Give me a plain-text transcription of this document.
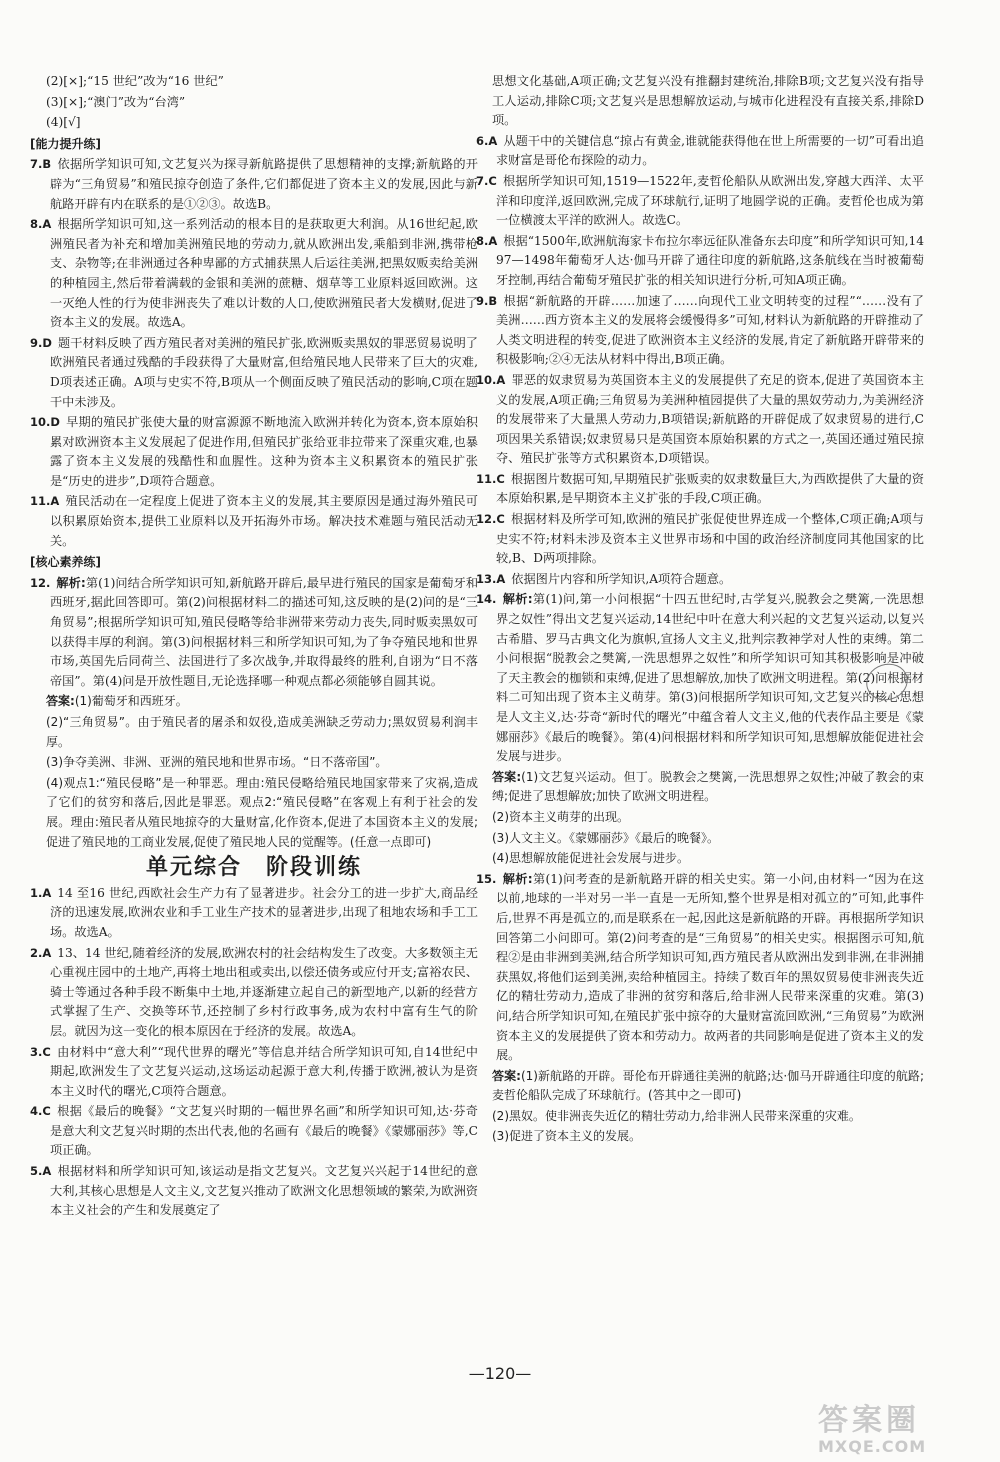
(2)[×];“15 世纪”改为“16 世纪”
(3)[×];“澳门”改为“台湾”
(4)[√]
[能力提升练]
7.B 依据所学知识可知,文艺复兴为探寻新航路提供了思想精神的支撑;新航路的开辟为“三角贸易”和殖民掠夺创造了条件,它们都促进了资本主义的发展,因此与新航路开辟有内在联系的是①②③。故选B。
8.A 根据所学知识可知,这一系列活动的根本目的是获取更大利润。从16世纪起,欧洲殖民者为补充和增加美洲殖民地的劳动力,就从欧洲出发,乘船到非洲,携带枪支、杂物等;在非洲通过各种卑鄙的方式捕获黑人后运往美洲,把黑奴贩卖给美洲的种植园主,然后带着满载的金银和美洲的蔗糖、烟草等工业原料返回欧洲。这一灭绝人性的行为使非洲丧失了难以计数的人口,使欧洲殖民者大发横财,促进了资本主义的发展。故选A。
9.D 题干材料反映了西方殖民者对美洲的殖民扩张,欧洲贩卖黑奴的罪恶贸易说明了欧洲殖民者通过残酷的手段获得了大量财富,但给殖民地人民带来了巨大的灾难,D项表述正确。A项与史实不符,B项从一个侧面反映了殖民活动的影响,C项在题干中未涉及。
10.D 早期的殖民扩张使大量的财富源源不断地流入欧洲并转化为资本,资本原始积累对欧洲资本主义发展起了促进作用,但殖民扩张给亚非拉带来了深重灾难,也暴露了资本主义发展的残酷性和血腥性。这种为资本主义积累资本的殖民扩张是“历史的进步”,D项符合题意。
11.A 殖民活动在一定程度上促进了资本主义的发展,其主要原因是通过海外殖民可以积累原始资本,提供工业原料以及开拓海外市场。解决技术难题与殖民活动无关。
[核心素养练]
12. 解析:第(1)问结合所学知识可知,新航路开辟后,最早进行殖民的国家是葡萄牙和西班牙,据此回答即可。第(2)问根据材料二的描述可知,这反映的是(2)问的是“三角贸易”;根据所学知识可知,殖民侵略等给非洲带来劳动力丧失,同时贩卖黑奴可以获得丰厚的利润。第(3)问根据材料三和所学知识可知,为了争夺殖民地和世界市场,英国先后同荷兰、法国进行了多次战争,并取得最终的胜利,自诩为“日不落帝国”。第(4)问是开放性题目,无论选择哪一种观点都必须能够自圆其说。
答案:(1)葡萄牙和西班牙。
(2)“三角贸易”。由于殖民者的屠杀和奴役,造成美洲缺乏劳动力;黑奴贸易利润丰厚。
(3)争夺美洲、非洲、亚洲的殖民地和世界市场。“日不落帝国”。
(4)观点1:“殖民侵略”是一种罪恶。理由:殖民侵略给殖民地国家带来了灾祸,造成了它们的贫穷和落后,因此是罪恶。观点2:“殖民侵略”在客观上有利于社会的发展。理由:殖民者从殖民地掠夺的大量财富,化作资本,促进了本国资本主义的发展;促进了殖民地的工商业发展,促使了殖民地人民的觉醒等。(任意一点即可)
单元综合　阶段训练
1.A 14 至16 世纪,西欧社会生产力有了显著进步。社会分工的进一步扩大,商品经济的迅速发展,欧洲农业和手工业生产技术的显著进步,出现了租地农场和手工工场。故选A。
2.A 13、14 世纪,随着经济的发展,欧洲农村的社会结构发生了改变。大多数领主无心重视庄园中的土地产,再将土地出租或卖出,以偿还债务或应付开支;富裕农民、骑士等通过各种手段不断集中土地,并逐渐建立起自己的新型地产,以新的经营方式掌握了生产、交换等环节,还控制了乡村行政事务,成为农村中富有生气的阶层。就因为这一变化的根本原因在于经济的发展。故选A。
3.C 由材料中“意大利”“现代世界的曙光”等信息并结合所学知识可知,自14世纪中期起,欧洲发生了文艺复兴运动,这场运动起源于意大利,传播于欧洲,被认为是资本主义时代的曙光,C项符合题意。
4.C 根据《最后的晚餐》“文艺复兴时期的一幅世界名画”和所学知识可知,达·芬奇是意大利文艺复兴时期的杰出代表,他的名画有《最后的晚餐》《蒙娜丽莎》等,C项正确。
5.A 根据材料和所学知识可知,该运动是指文艺复兴。文艺复兴兴起于14世纪的意大利,其核心思想是人文主义,文艺复兴推动了欧洲文化思想领域的繁荣,为欧洲资本主义社会的产生和发展奠定了
思想文化基础,A项正确;文艺复兴没有推翻封建统治,排除B项;文艺复兴没有指导工人运动,排除C项;文艺复兴是思想解放运动,与城市化进程没有直接关系,排除D项。
6.A 从题干中的关键信息“掠占有黄金,谁就能获得他在世上所需要的一切”可看出追求财富是哥伦布探险的动力。
7.C 根据所学知识可知,1519—1522年,麦哲伦船队从欧洲出发,穿越大西洋、太平洋和印度洋,返回欧洲,完成了环球航行,证明了地圆学说的正确。麦哲伦也成为第一位横渡太平洋的欧洲人。故选C。
8.A 根据“1500年,欧洲航海家卡布拉尔率远征队准备东去印度”和所学知识可知,1497—1498年葡萄牙人达·伽马开辟了通往印度的新航路,这条航线在当时被葡萄牙控制,再结合葡萄牙殖民扩张的相关知识进行分析,可知A项正确。
9.B 根据“新航路的开辟……加速了……向现代工业文明转变的过程”“……没有了美洲……西方资本主义的发展将会缓慢得多”可知,材料认为新航路的开辟推动了人类文明进程的转变,促进了欧洲资本主义经济的发展,肯定了新航路开辟带来的积极影响;②④无法从材料中得出,B项正确。
10.A 罪恶的奴隶贸易为英国资本主义的发展提供了充足的资本,促进了英国资本主义的发展,A项正确;三角贸易为美洲种植园提供了大量的黑奴劳动力,为美洲经济的发展带来了大量黑人劳动力,B项错误;新航路的开辟促成了奴隶贸易的进行,C项因果关系错误;奴隶贸易只是英国资本原始积累的方式之一,英国还通过殖民掠夺、殖民扩张等方式积累资本,D项错误。
11.C 根据图片数据可知,早期殖民扩张贩卖的奴隶数量巨大,为西欧提供了大量的资本原始积累,是早期资本主义扩张的手段,C项正确。
12.C 根据材料及所学可知,欧洲的殖民扩张促使世界连成一个整体,C项正确;A项与史实不符;材料未涉及资本主义世界市场和中国的政治经济制度同其他国家的比较,B、D两项排除。
13.A 依据图片内容和所学知识,A项符合题意。
14. 解析:第(1)问,第一小问根据“十四五世纪时,古学复兴,脱教会之樊篱,一洗思想界之奴性”得出文艺复兴运动,14世纪中叶在意大利兴起的文艺复兴运动,以复兴古希腊、罗马古典文化为旗帜,宣扬人文主义,批判宗教神学对人性的束缚。第二小问根据“脱教会之樊篱,一洗思想界之奴性”和所学知识可知其积极影响是冲破了天主教会的枷锁和束缚,促进了思想解放,加快了欧洲文明进程。第(2)问根据材料二可知出现了资本主义萌芽。第(3)问根据所学知识可知,文艺复兴的核心思想是人文主义,达·芬奇“新时代的曙光”中蕴含着人文主义,他的代表作品主要是《蒙娜丽莎》《最后的晚餐》。第(4)问根据材料和所学知识可知,思想解放能促进社会发展与进步。
答案:(1)文艺复兴运动。但丁。脱教会之樊篱,一洗思想界之奴性;冲破了教会的束缚;促进了思想解放;加快了欧洲文明进程。
(2)资本主义萌芽的出现。
(3)人文主义。《蒙娜丽莎》《最后的晚餐》。
(4)思想解放能促进社会发展与进步。
15. 解析:第(1)问考查的是新航路开辟的相关史实。第一小问,由材料一“因为在这以前,地球的一半对另一半一直是一无所知,整个世界是相对孤立的”可知,此事件后,世界不再是孤立的,而是联系在一起,因此这是新航路的开辟。再根据所学知识回答第二小问即可。第(2)问考查的是“三角贸易”的相关史实。根据图示可知,航程②是由非洲到美洲,结合所学知识可知,西方殖民者从欧洲出发到非洲,在非洲捕获黑奴,将他们运到美洲,卖给种植园主。持续了数百年的黑奴贸易使非洲丧失近亿的精壮劳动力,造成了非洲的贫穷和落后,给非洲人民带来深重的灾难。第(3)问,结合所学知识可知,在殖民扩张中掠夺的大量财富流回欧洲,“三角贸易”为欧洲资本主义的发展提供了资本和劳动力。故两者的共同影响是促进了资本主义的发展。
答案:(1)新航路的开辟。哥伦布开辟通往美洲的航路;达·伽马开辟通往印度的航路;麦哲伦船队完成了环球航行。(答其中之一即可)
(2)黑奴。使非洲丧失近亿的精壮劳动力,给非洲人民带来深重的灾难。
(3)促进了资本主义的发展。
—120—
答案圈
MXQE.COM
